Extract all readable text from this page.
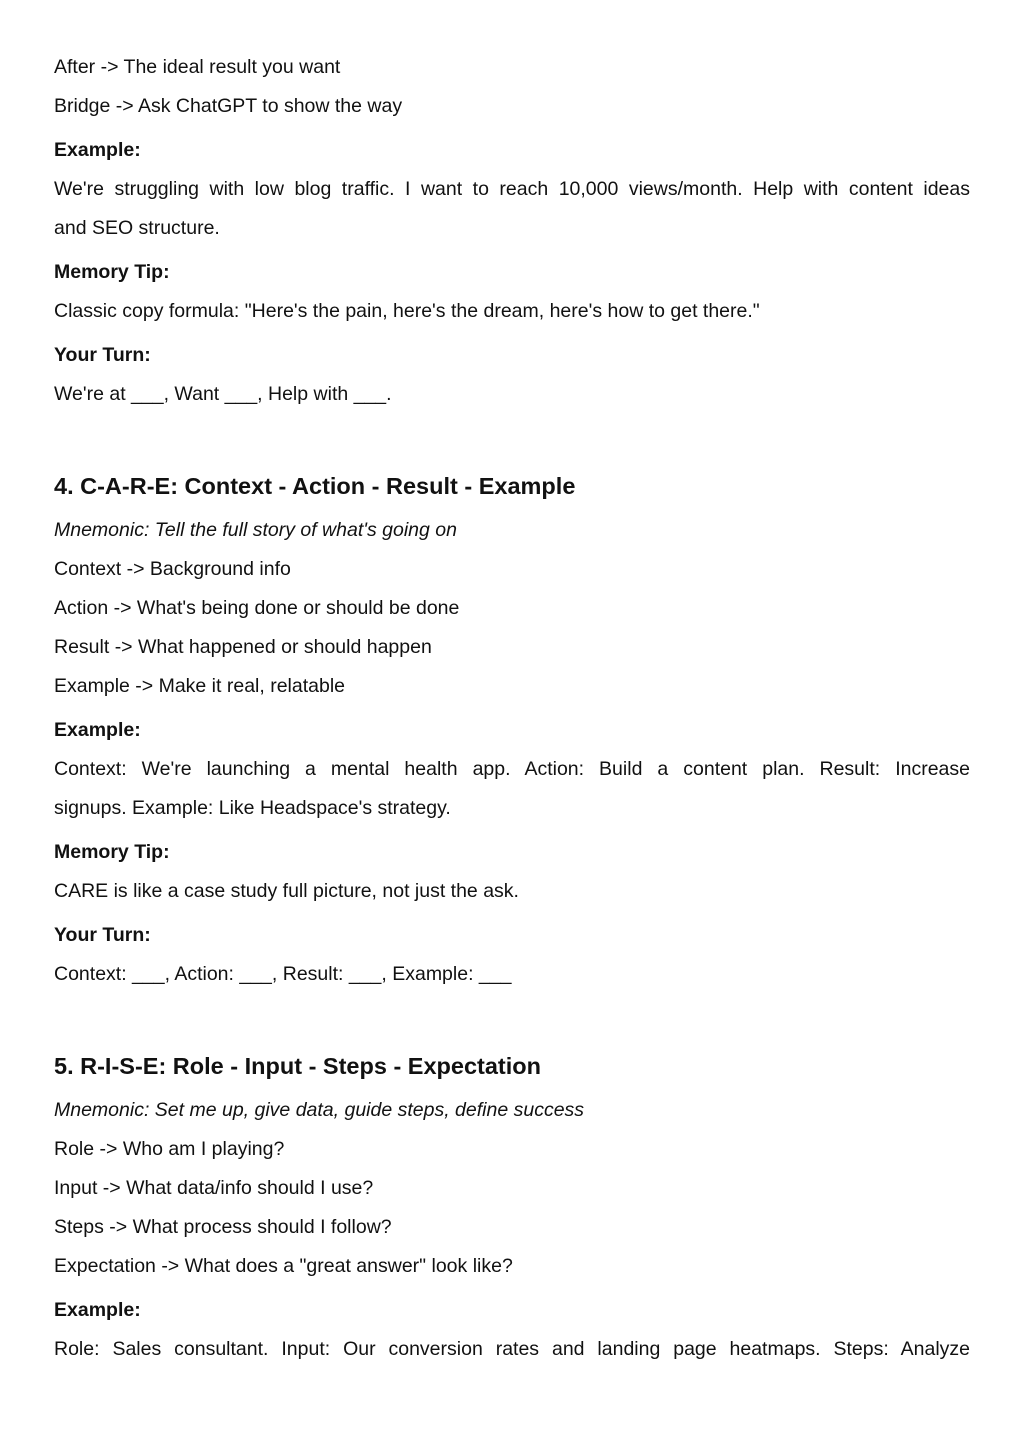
After -> The ideal result you want
Bridge -> Ask ChatGPT to show the way
Example:
We're struggling with low blog traffic. I want to reach 10,000 views/month. Help with content ideas
and SEO structure.
Memory Tip:
Classic copy formula: "Here's the pain, here's the dream, here's how to get there."
Your Turn:
We're at ___, Want ___, Help with ___.
4. C-A-R-E: Context - Action - Result - Example
Mnemonic: Tell the full story of what's going on
Context -> Background info
Action -> What's being done or should be done
Result -> What happened or should happen
Example -> Make it real, relatable
Example:
Context: We're launching a mental health app. Action: Build a content plan. Result: Increase
signups. Example: Like Headspace's strategy.
Memory Tip:
CARE is like a case study full picture, not just the ask.
Your Turn:
Context: ___, Action: ___, Result: ___, Example: ___
5. R-I-S-E: Role - Input - Steps - Expectation
Mnemonic: Set me up, give data, guide steps, define success
Role -> Who am I playing?
Input -> What data/info should I use?
Steps -> What process should I follow?
Expectation -> What does a "great answer" look like?
Example:
Role: Sales consultant. Input: Our conversion rates and landing page heatmaps. Steps: Analyze
